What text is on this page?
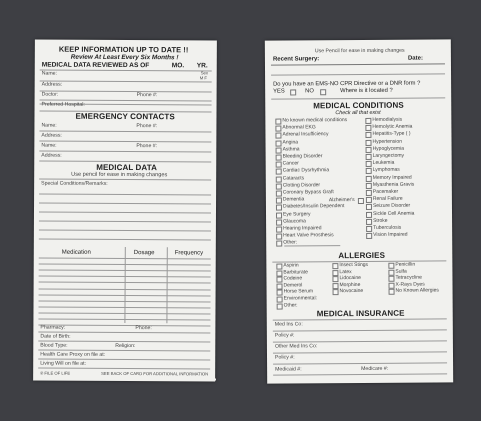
KEEP INFORMATION UP TO DATE !!
Review At Least Every Six Months !
MEDICAL DATA REVIEWED AS OF	MO. YR.
Name:	Sex
M F
Address:
Doctor:	Phone #:
Preferred Hospital:
EMERGENCY CONTACTS
Name:	Phone #:
Address:
Name:	Phone #:
Address:
MEDICAL DATA
Use pencil for ease in making changes
Special Conditions/Remarks:
Medication	Dosage	Frequency
Pharmacy:	Phone:
Date of Birth:
Blood Type:	Religion:
Health Care Proxy on file at:
Living Will on file at:
® FILE OF LIFE	SEE BACK OF CARD FOR ADDITIONAL INFORMATION
Use Pencil for ease in making changes
Recent Surgery:	Date:
Do you have an EMS-NO CPR Directive or a DNR form ?
YES	NO	Where is it located ?
MEDICAL CONDITIONS
Check all that exist
No known medical conditions
Abnormal EKG
Adrenal Insufficiency
Angina
Asthma
Bleeding Disorder
Cancer
Cardiac Dysrhythmia
Cataracts
Clotting Disorder
Coronary Bypass Graft
Dementia
Diabetes/Insulin Dependent
Eye Surgery
Glaucoma
Hearing Impaired
Heart Valve Prosthesis
Other:
Hemodialysis
Hemolytic Anemia
Hepatitis-Type ( )
Hypertension
Hypoglycemia
Laryngectomy
Leukemia
Lymphomas
Memory Impaired
Myasthenia Gravis
Pacemaker
Renal Failure
Seizure Disorder
Sickle Cell Anemia
Stroke
Tuberculosis
Vision Impaired
Alzheimer's
ALLERGIES
Aspirin
Barbiturate
Codeine
Demerol
Horse Serum
Environmental:
Other:
Insect Stings
Latex
Lidocaine
Morphine
Novocaine
Penicillin
Sulfa
Tetracycline
X-Rays Dyes
No Known Allergies
MEDICAL INSURANCE
Med Ins Co:
Policy #:
Other Med Ins Co:
Policy #:
Medicaid #:	Medicare #:
